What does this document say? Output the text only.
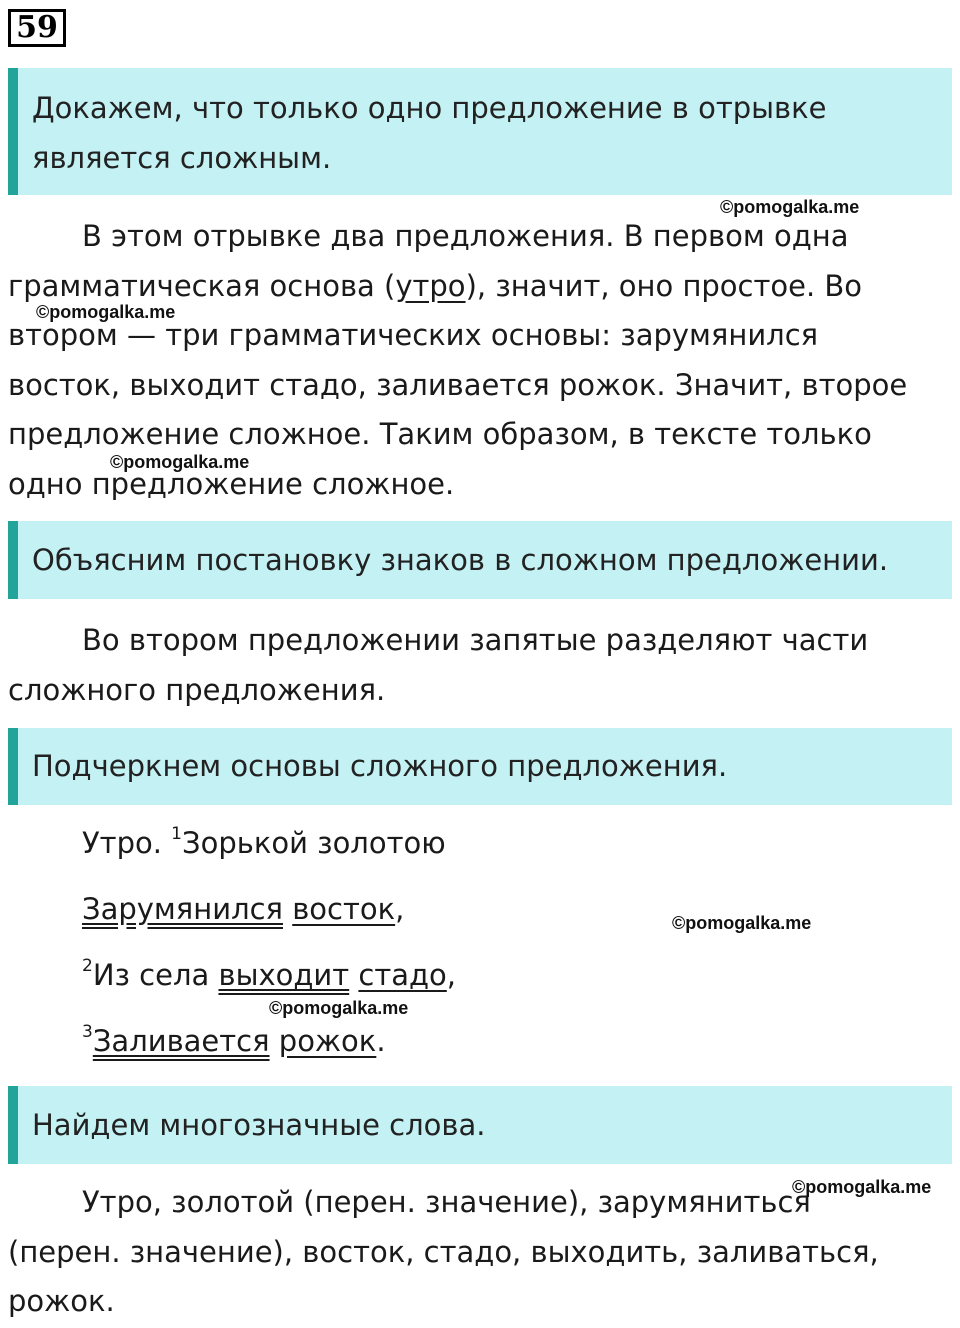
59
Докажем, что только одно предложение в отрывке
является сложным.
В этом отрывке два предложения. В первом одна
грамматическая основа (утро), значит, оно простое. Во
втором — три грамматических основы: зарумянился
восток, выходит стадо, заливается рожок. Значит, второе
предложение сложное. Таким образом, в тексте только
одно предложение сложное.
Объясним постановку знаков в сложном предложении.
Во втором предложении запятые разделяют части
сложного предложения.
Подчеркнем основы сложного предложения.
Утро. $^1$Зорькой золотою
Зарумянился восток,
$^2$Из села выходит стадо,
$^3$Заливается рожок.
Найдем многозначные слова.
Утро, золотой (перен. значение), зарумяниться
(перен. значение), восток, стадо, выходить, заливаться,
рожок.
©pomogalka.me
©pomogalka.me
©pomogalka.me
©pomogalka.me
©pomogalka.me
©pomogalka.me
